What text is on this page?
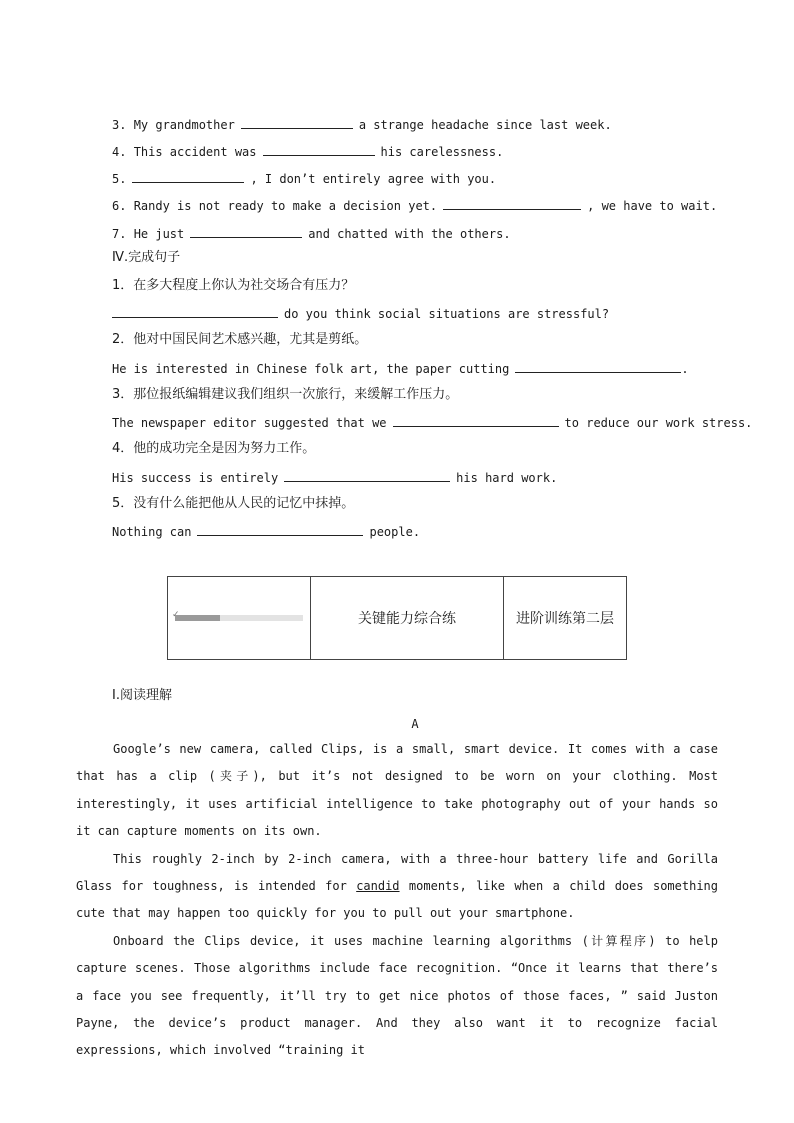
3. My grandmother	a strange headache since last week.
4. This accident was	his carelessness.
5.	, I don’t entirely agree with you.
6. Randy is not ready to make a decision yet.	, we have to wait.
7. He just	and chatted with the others.
Ⅳ.完成句子
1．在多大程度上你认为社交场合有压力？
do you think social situations are stressful?
2．他对中国民间艺术感兴趣，尤其是剪纸。
He is interested in Chinese folk art, the paper cutting	.
3．那位报纸编辑建议我们组织一次旅行，来缓解工作压力。
The newspaper editor suggested that we	to reduce our work stress.
4．他的成功完全是因为努力工作。
His success is entirely	his hard work.
5．没有什么能把他从人民的记忆中抹掉。
Nothing can	people.
✓	关键能力综合练	进阶训练第二层
Ⅰ.阅读理解
A

Google’s new camera, called Clips, is a small, smart device. It comes with a case that has a clip (夹子), but it’s not designed to be worn on your clothing. Most interestingly, it uses artificial intelligence to take photography out of your hands so it can capture moments on its own.

This roughly 2-inch by 2-inch camera, with a three-hour battery life and Gorilla Glass for toughness, is intended for candid moments, like when a child does something cute that may happen too quickly for you to pull out your smartphone.

Onboard the Clips device, it uses machine learning algorithms (计算程序) to help capture scenes. Those algorithms include face recognition. “Once it learns that there’s a face you see frequently, it’ll try to get nice photos of those faces, ” said Juston Payne, the device’s product manager. And they also want it to recognize facial expressions, which involved “training it
